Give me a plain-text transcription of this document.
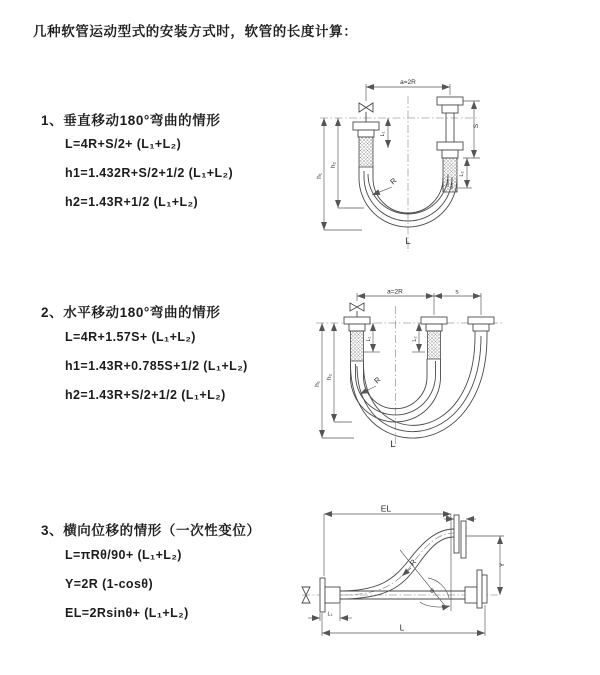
几种软管运动型式的安装方式时，软管的长度计算：
1、垂直移动180°弯曲的情形
L=4R+S/2+ (L₁+L₂)
h1=1.432R+S/2+1/2 (L₁+L₂)
h2=1.43R+1/2 (L₁+L₂)
2、水平移动180°弯曲的情形
L=4R+1.57S+ (L₁+L₂)
h1=1.43R+0.785S+1/2 (L₁+L₂)
h2=1.43R+S/2+1/2 (L₁+L₂)
3、横向位移的情形（一次性变位）
L=πRθ/90+ (L₁+L₂)
Y=2R (1-cosθ)
EL=2Rsinθ+ (L₁+L₂)
a=2R
S
L₂
L₁
h₁
h₂
R
L
a=2R	s
h₁
h₂
L₁	L₂
R
L
EL
L₂
Y
L
L₁
θ
R
